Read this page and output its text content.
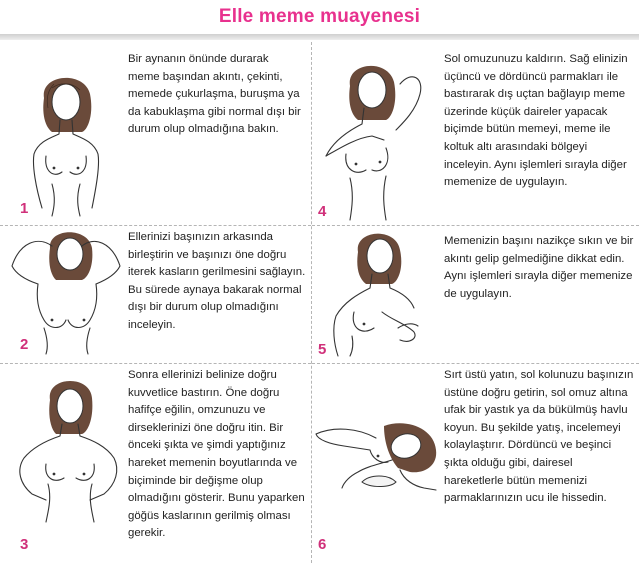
Elle meme muayenesi
1
Bir aynanın önünde durarak meme başından akıntı, çekinti, memede çukurlaşma, buruşma ya da kabuklaşma gibi normal dışı bir durum olup olmadığına bakın.
2
Ellerinizi başınızın arkasında birleştirin ve başınızı öne doğru iterek kasların gerilmesini sağlayın. Bu sürede aynaya bakarak normal dışı bir durum olup olmadığını inceleyin.
3
Sonra ellerinizi belinize doğru kuvvetlice bastırın. Öne doğru hafifçe eğilin, omzunuzu ve dirseklerinizi öne doğru itin. Bir önceki şıkta ve şimdi yaptığınız hareket memenin boyutlarında ve biçiminde bir değişme olup olmadığını gösterir. Bunu yaparken göğüs kaslarının gerilmiş olması gerekir.
4
Sol omuzunuzu kaldırın. Sağ elinizin üçüncü ve dördüncü parmakları ile bastırarak dış uçtan bağlayıp meme üzerinde küçük daireler yapacak biçimde bütün memeyi, meme ile koltuk altı arasındaki bölgeyi inceleyin. Aynı işlemleri sırayla diğer memenize de uygulayın.
5
Memenizin başını nazikçe sıkın ve bir akıntı gelip gelmediğine dikkat edin. Aynı işlemleri sırayla diğer memenize de uygulayın.
6
Sırt üstü yatın, sol kolunuzu başınızın üstüne doğru getirin, sol omuz altına ufak bir yastık ya da bükülmüş havlu koyun. Bu şekilde yatış, incelemeyi kolaylaştırır. Dördüncü ve beşinci şıkta olduğu gibi, dairesel hareketlerle bütün memenizi parmaklarınızın ucu ile hissedin.
